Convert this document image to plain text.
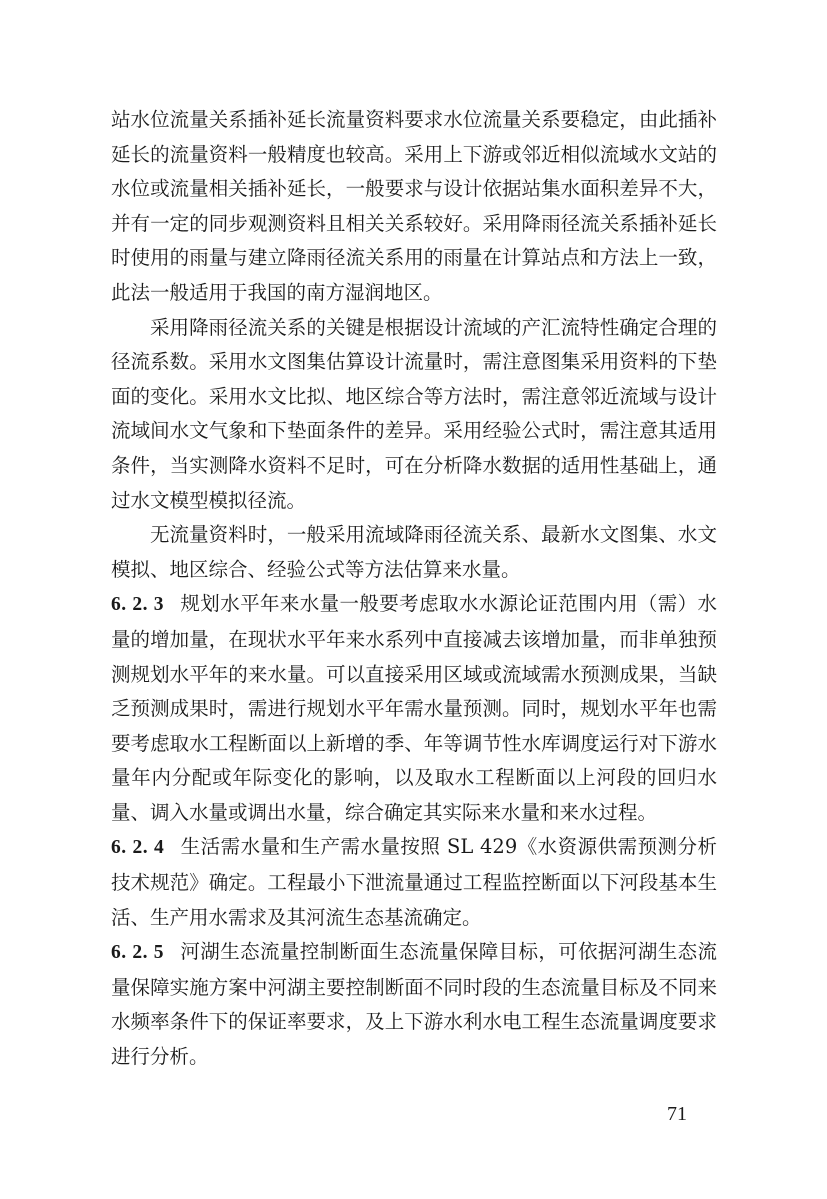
站水位流量关系插补延长流量资料要求水位流量关系要稳定，由此插补延长的流量资料一般精度也较高。采用上下游或邻近相似流域水文站的水位或流量相关插补延长，一般要求与设计依据站集水面积差异不大，并有一定的同步观测资料且相关关系较好。采用降雨径流关系插补延长时使用的雨量与建立降雨径流关系用的雨量在计算站点和方法上一致，此法一般适用于我国的南方湿润地区。

采用降雨径流关系的关键是根据设计流域的产汇流特性确定合理的径流系数。采用水文图集估算设计流量时，需注意图集采用资料的下垫面的变化。采用水文比拟、地区综合等方法时，需注意邻近流域与设计流域间水文气象和下垫面条件的差异。采用经验公式时，需注意其适用条件，当实测降水资料不足时，可在分析降水数据的适用性基础上，通过水文模型模拟径流。

无流量资料时，一般采用流域降雨径流关系、最新水文图集、水文模拟、地区综合、经验公式等方法估算来水量。

6. 2. 3 规划水平年来水量一般要考虑取水水源论证范围内用（需）水量的增加量，在现状水平年来水系列中直接减去该增加量，而非单独预测规划水平年的来水量。可以直接采用区域或流域需水预测成果，当缺乏预测成果时，需进行规划水平年需水量预测。同时，规划水平年也需要考虑取水工程断面以上新增的季、年等调节性水库调度运行对下游水量年内分配或年际变化的影响，以及取水工程断面以上河段的回归水量、调入水量或调出水量，综合确定其实际来水量和来水过程。

6. 2. 4 生活需水量和生产需水量按照 SL 429《水资源供需预测分析技术规范》确定。工程最小下泄流量通过工程监控断面以下河段基本生活、生产用水需求及其河流生态基流确定。

6. 2. 5 河湖生态流量控制断面生态流量保障目标，可依据河湖生态流量保障实施方案中河湖主要控制断面不同时段的生态流量目标及不同来水频率条件下的保证率要求，及上下游水利水电工程生态流量调度要求进行分析。

71
